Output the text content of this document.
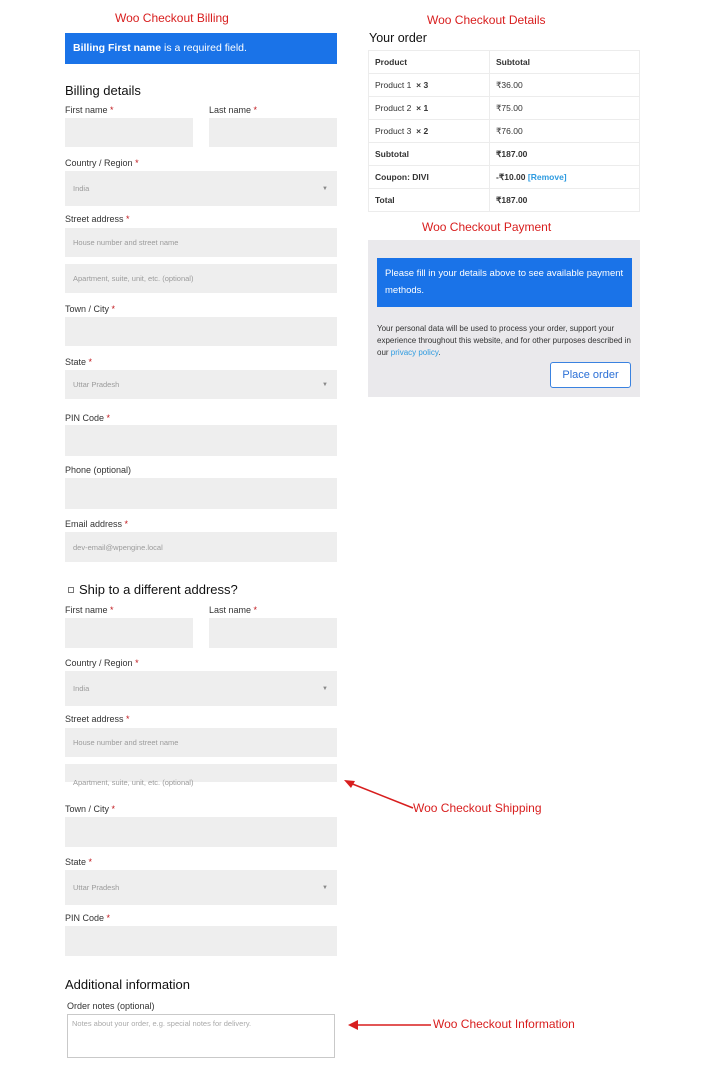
Woo Checkout Billing	Woo Checkout Details
Woo Checkout Payment
Woo Checkout Shipping
Woo Checkout Information
Billing First name is a required field.
Billing details
First name *	Last name *
Country / Region *
India	▼
Street address *
House number and street name
Apartment, suite, unit, etc. (optional)
Town / City *
State *
Uttar Pradesh	▼
PIN Code *
Phone (optional)
Email address *
dev-email@wpengine.local
Ship to a different address?
First name *	Last name *
Country / Region *
India	▼
Street address *
House number and street name
Apartment, suite, unit, etc. (optional)
Town / City *
State *
Uttar Pradesh	▼
PIN Code *
Additional information
Order notes (optional)
Notes about your order, e.g. special notes for delivery.
Your order
Product	Subtotal
Product 1 × 3	₹36.00
Product 2 × 1	₹75.00
Product 3 × 2	₹76.00
Subtotal	₹187.00
Coupon: DIVI	-₹10.00 [Remove]
Total	₹187.00
Please fill in your details above to see available payment methods.
Your personal data will be used to process your order, support your experience throughout this website, and for other purposes described in our privacy policy.
Place order
